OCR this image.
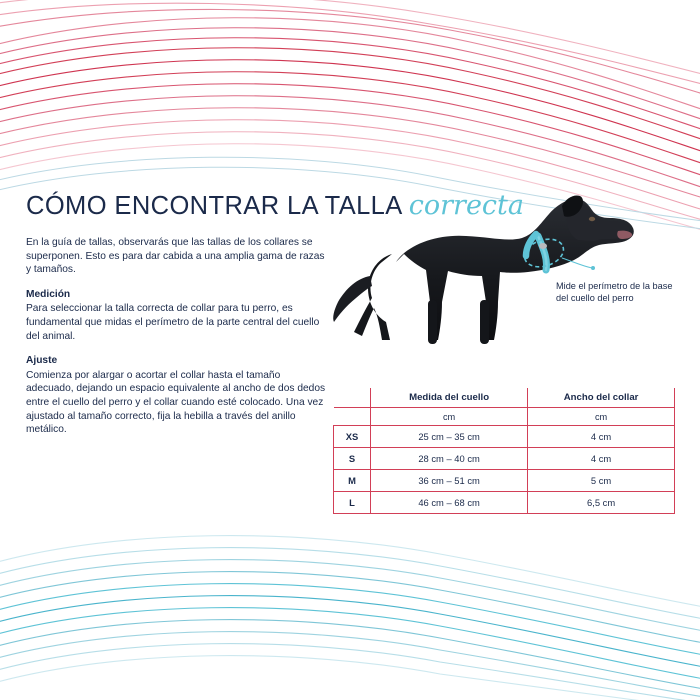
CÓMO ENCONTRAR LA TALLA correcta

En la guía de tallas, observarás que las tallas de los collares se superponen. Esto es para dar cabida a una amplia gama de razas y tamaños.

Medición

Para seleccionar la talla correcta de collar para tu perro, es fundamental que midas el perímetro de la parte central del cuello del animal.

Ajuste

Comienza por alargar o acortar el collar hasta el tamaño adecuado, dejando un espacio equivalente al ancho de dos dedos entre el cuello del perro y el collar cuando esté colocado. Una vez ajustado al tamaño correcto, fija la hebilla a través del anillo metálico.

Mide el perímetro de la base del cuello del perro
	Medida del cuello	Ancho del collar
	cm	cm
XS	25 cm – 35 cm	4 cm
S	28 cm – 40 cm	4 cm
M	36 cm – 51 cm	5 cm
L	46 cm – 68 cm	6,5 cm
